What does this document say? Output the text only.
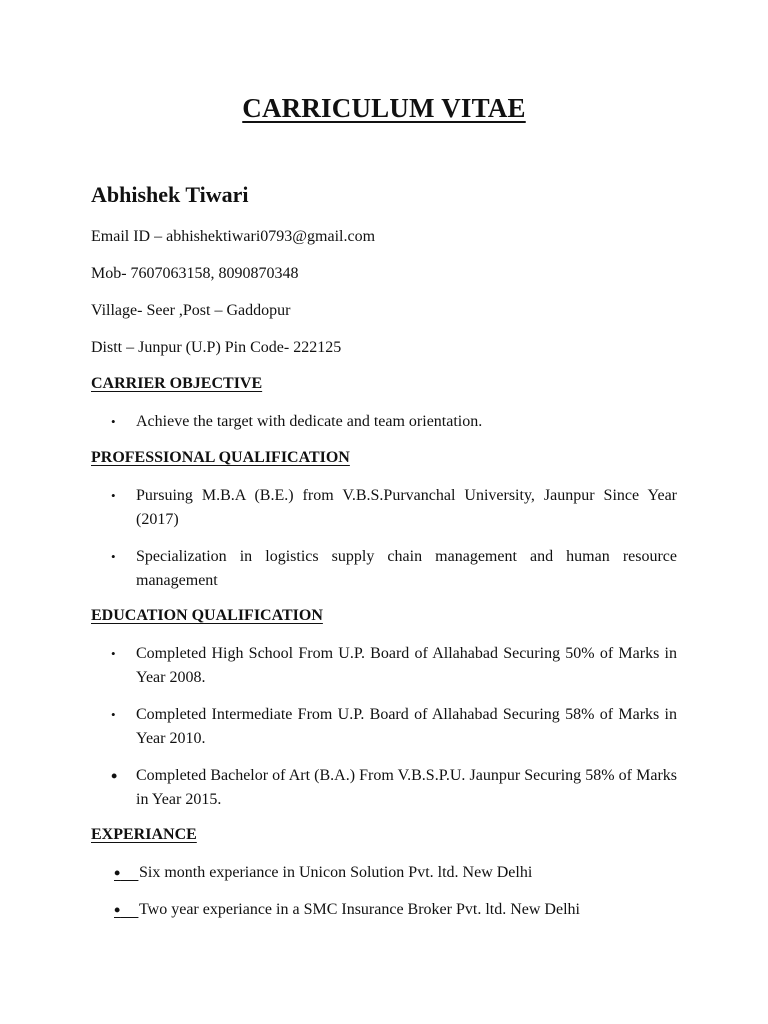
CARRICULUM VITAE
Abhishek Tiwari
Email ID – abhishektiwari0793@gmail.com
Mob- 7607063158, 8090870348
Village- Seer ,Post – Gaddopur
Distt – Junpur (U.P) Pin Code- 222125
CARRIER OBJECTIVE
• Achieve the target with dedicate and team orientation.
PROFESSIONAL QUALIFICATION
• Pursuing M.B.A (B.E.) from V.B.S.Purvanchal University, Jaunpur Since Year (2017)
• Specialization in logistics supply chain management and human resource management
EDUCATION QUALIFICATION
• Completed High School From U.P. Board of Allahabad Securing 50% of Marks in Year 2008.
• Completed Intermediate From U.P. Board of Allahabad Securing 58% of Marks in Year 2010.
• Completed Bachelor of Art (B.A.) From V.B.S.P.U. Jaunpur Securing 58% of Marks in Year 2015.
EXPERIANCE
•	Six month experiance in Unicon Solution Pvt. ltd. New Delhi
•	Two year experiance in a SMC Insurance Broker Pvt. ltd. New Delhi
